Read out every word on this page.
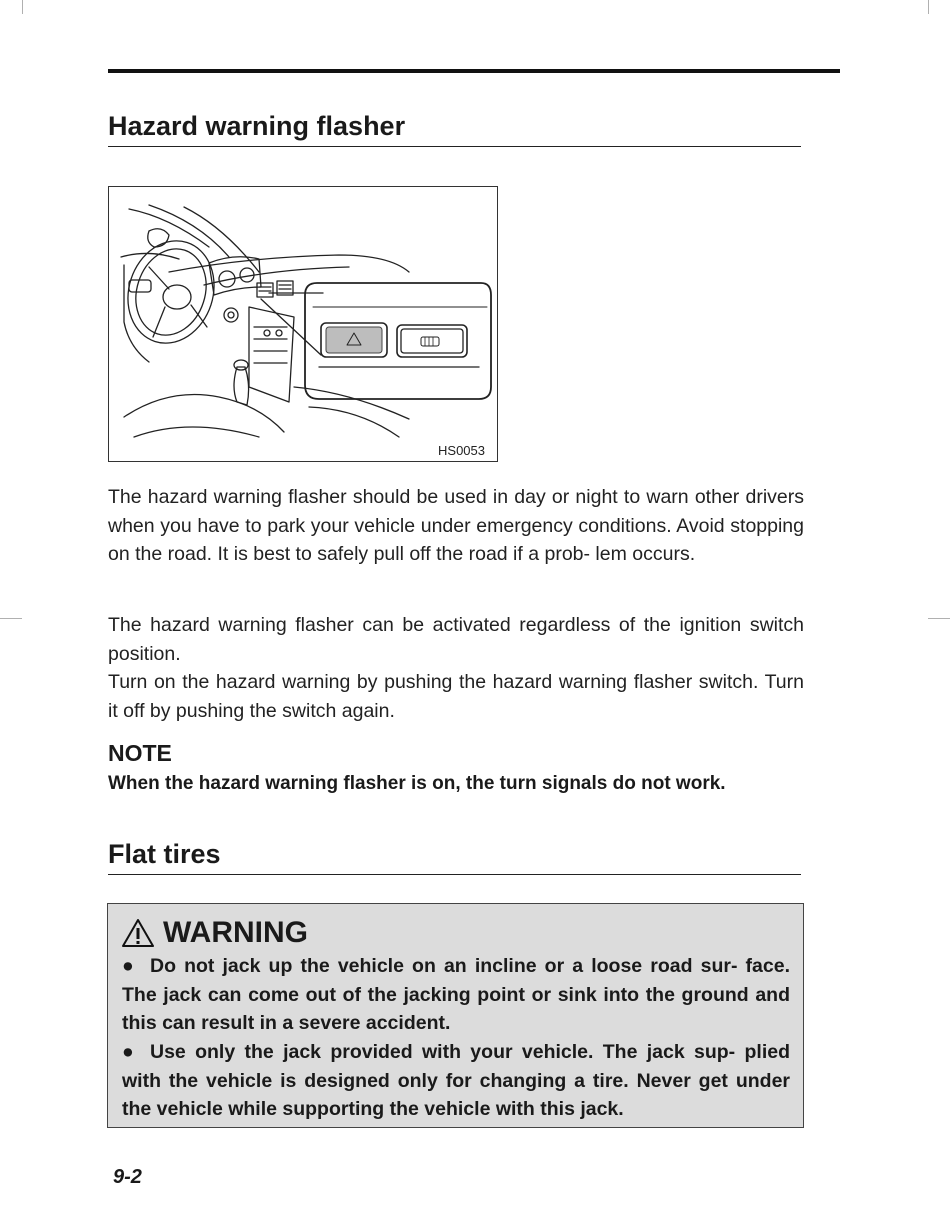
Hazard warning flasher
HS0053

The hazard warning flasher should be used in day or night to warn other drivers when you have to park your vehicle under emergency conditions. Avoid stopping on the road. It is best to safely pull off the road if a prob- lem occurs.

The hazard warning flasher can be activated regardless of the ignition switch position.

Turn on the hazard warning by pushing the hazard warning flasher switch. Turn it off by pushing the switch again.

NOTE

When the hazard warning flasher is on, the turn signals do not work.

Flat tires
WARNING

● Do not jack up the vehicle on an incline or a loose road sur- face. The jack can come out of the jacking point or sink into the ground and this can result in a severe accident.

● Use only the jack provided with your vehicle. The jack sup- plied with the vehicle is designed only for changing a tire. Never get under the vehicle while supporting the vehicle with this jack.

9-2
